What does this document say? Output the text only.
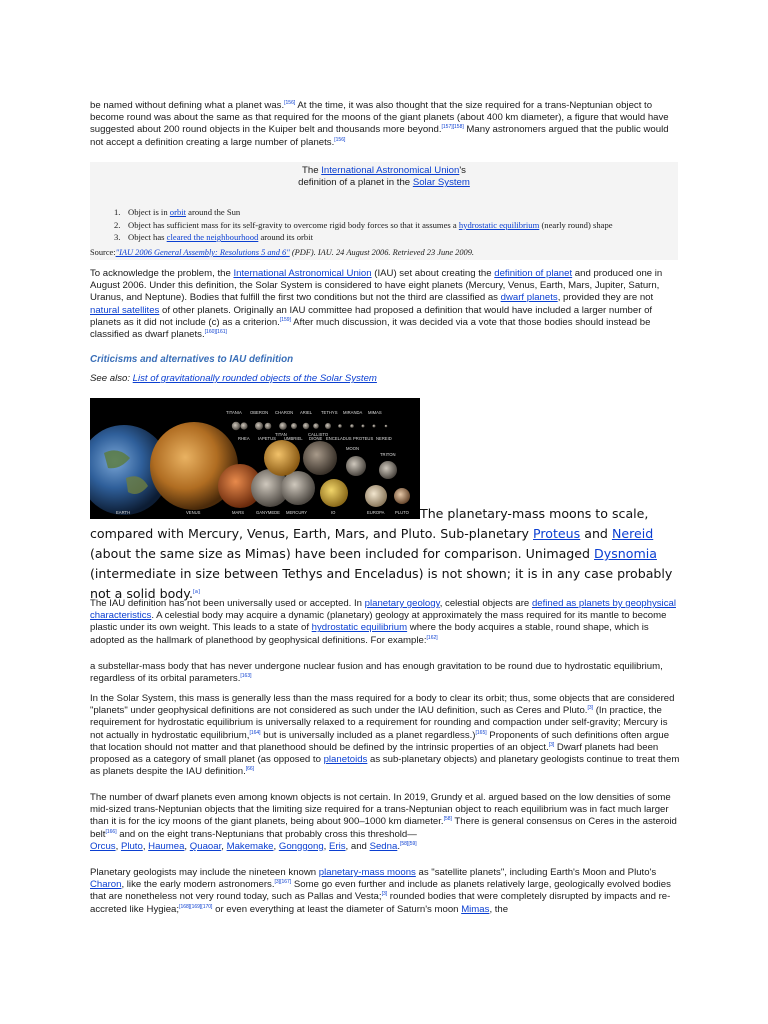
be named without defining what a planet was.[156] At the time, it was also thought that the size required for a trans-Neptunian object to become round was about the same as that required for the moons of the giant planets (about 400 km diameter), a figure that would have suggested about 200 round objects in the Kuiper belt and thousands more beyond.[157][158] Many astronomers argued that the public would not accept a definition creating a large number of planets.[156]

The International Astronomical Union's
definition of a planet in the Solar System
1. Object is in orbit around the Sun
2. Object has sufficient mass for its self-gravity to overcome rigid body forces so that it assumes a hydrostatic equilibrium (nearly round) shape
3. Object has cleared the neighbourhood around its orbit
Source:"IAU 2006 General Assembly: Resolutions 5 and 6" (PDF). IAU. 24 August 2006. Retrieved 23 June 2009.

To acknowledge the problem, the International Astronomical Union (IAU) set about creating the definition of planet and produced one in August 2006. Under this definition, the Solar System is considered to have eight planets (Mercury, Venus, Earth, Mars, Jupiter, Saturn, Uranus, and Neptune). Bodies that fulfill the first two conditions but not the third are classified as dwarf planets, provided they are not natural satellites of other planets. Originally an IAU committee had proposed a definition that would have included a larger number of planets as it did not include (c) as a criterion.[159] After much discussion, it was decided via a vote that those bodies should instead be classified as dwarf planets.[160][161]

Criticisms and alternatives to IAU definition
See also: List of gravitationally rounded objects of the Solar System
TITANIA OBERON CHARON ARIEL TETHYS MIRANDA MIMAS
RHEA IAPETUS UMBRIEL DIONE ENCELADUS PROTEUS NEREID
TITAN	CALLISTO
MOON
TRITON
EARTH	VENUS	MARS	GANYMEDE MERCURY	IO	EUROPA	PLUTO The planetary-mass moons to scale, compared with Mercury, Venus, Earth, Mars, and Pluto. Sub-planetary Proteus and Nereid (about the same size as Mimas) have been included for comparison. Unimaged Dysnomia (intermediate in size between Tethys and Enceladus) is not shown; it is in any case probably not a solid body.[a]

The IAU definition has not been universally used or accepted. In planetary geology, celestial objects are defined as planets by geophysical characteristics. A celestial body may acquire a dynamic (planetary) geology at approximately the mass required for its mantle to become plastic under its own weight. This leads to a state of hydrostatic equilibrium where the body acquires a stable, round shape, which is adopted as the hallmark of planethood by geophysical definitions. For example:[162]

a substellar-mass body that has never undergone nuclear fusion and has enough gravitation to be round due to hydrostatic equilibrium, regardless of its orbital parameters.[163]

In the Solar System, this mass is generally less than the mass required for a body to clear its orbit; thus, some objects that are considered "planets" under geophysical definitions are not considered as such under the IAU definition, such as Ceres and Pluto.[3] (In practice, the requirement for hydrostatic equilibrium is universally relaxed to a requirement for rounding and compaction under self-gravity; Mercury is not actually in hydrostatic equilibrium,[164] but is universally included as a planet regardless.)[165] Proponents of such definitions often argue that location should not matter and that planethood should be defined by the intrinsic properties of an object.[3] Dwarf planets had been proposed as a category of small planet (as opposed to planetoids as sub-planetary objects) and planetary geologists continue to treat them as planets despite the IAU definition.[66]

The number of dwarf planets even among known objects is not certain. In 2019, Grundy et al. argued based on the low densities of some mid-sized trans-Neptunian objects that the limiting size required for a trans-Neptunian object to reach equilibrium was in fact much larger than it is for the icy moons of the giant planets, being about 900–1000 km diameter.[58] There is general consensus on Ceres in the asteroid belt[166] and on the eight trans-Neptunians that probably cross this threshold—
Orcus, Pluto, Haumea, Quaoar, Makemake, Gonggong, Eris, and Sedna.[58][59]

Planetary geologists may include the nineteen known planetary-mass moons as "satellite planets", including Earth's Moon and Pluto's Charon, like the early modern astronomers.[3][167] Some go even further and include as planets relatively large, geologically evolved bodies that are nonetheless not very round today, such as Pallas and Vesta;[3] rounded bodies that were completely disrupted by impacts and re-accreted like Hygiea;[168][169][170] or even everything at least the diameter of Saturn's moon Mimas, the
